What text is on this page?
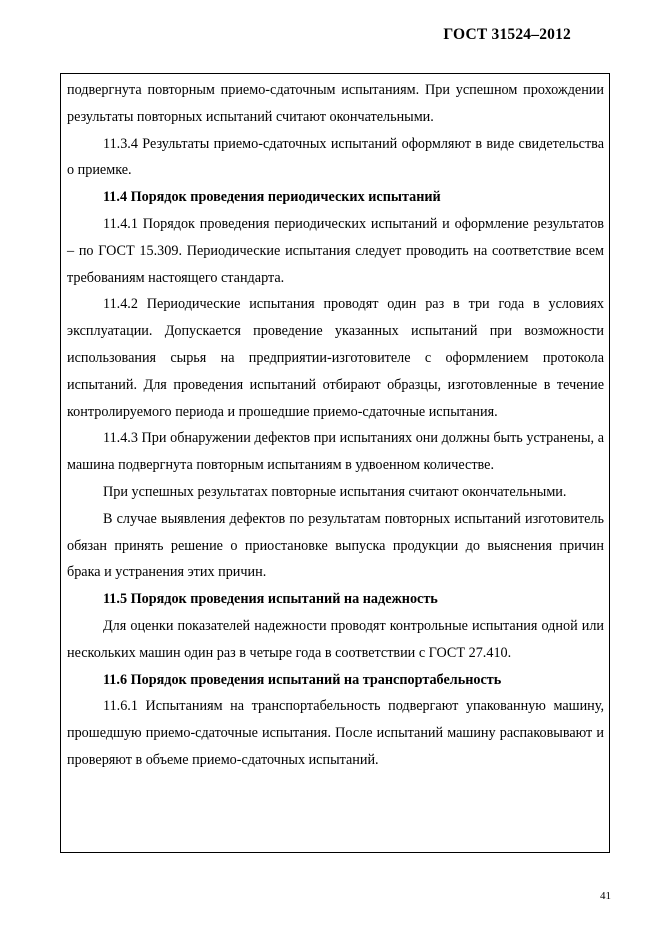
ГОСТ 31524–2012

подвергнута повторным приемо-сдаточным испытаниям. При успешном прохождении результаты повторных испытаний считают окончательными.

11.3.4 Результаты приемо-сдаточных испытаний оформляют в виде свидетельства о приемке.

11.4 Порядок проведения периодических испытаний

11.4.1 Порядок проведения периодических испытаний и оформление результатов – по ГОСТ 15.309. Периодические испытания следует проводить на соответствие всем требованиям настоящего стандарта.

11.4.2 Периодические испытания проводят один раз в три года в условиях эксплуатации. Допускается проведение указанных испытаний при возможности использования сырья на предприятии-изготовителе с оформлением протокола испытаний. Для проведения испытаний отбирают образцы, изготовленные в течение контролируемого периода и прошедшие приемо-сдаточные испытания.

11.4.3 При обнаружении дефектов при испытаниях они должны быть устранены, а машина подвергнута повторным испытаниям в удвоенном количестве.

При успешных результатах повторные испытания считают окончательными.

В случае выявления дефектов по результатам повторных испытаний изготовитель обязан принять решение о приостановке выпуска продукции до выяснения причин брака и устранения этих причин.

11.5 Порядок проведения испытаний на надежность

Для оценки показателей надежности проводят контрольные испытания одной или нескольких машин один раз в четыре года в соответствии с ГОСТ 27.410.

11.6 Порядок проведения испытаний на транспортабельность

11.6.1 Испытаниям на транспортабельность подвергают упакованную машину, прошедшую приемо-сдаточные испытания. После испытаний машину распаковывают и проверяют в объеме приемо-сдаточных испытаний.

41
